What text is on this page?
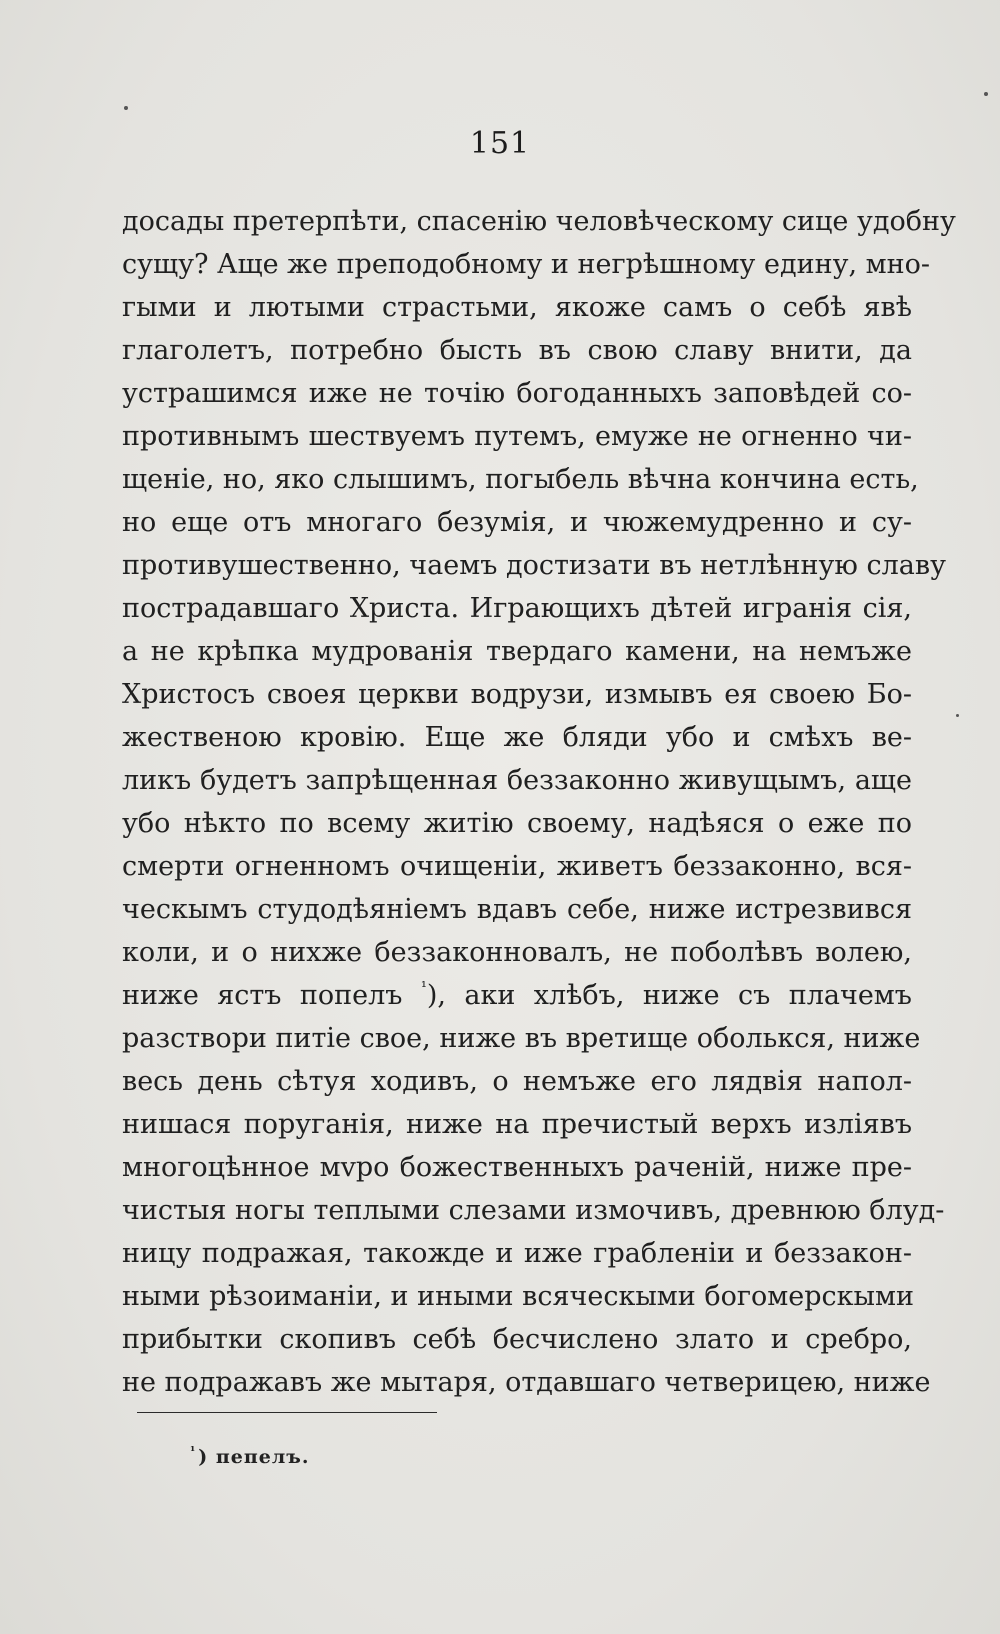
151
досады претерпѣти, спасенію человѣческому сице удобну
сущу? Аще же преподобному и негрѣшному едину, мно-
гыми и лютыми страстьми, якоже самъ о себѣ явѣ
глаголетъ, потребно бысть въ свою славу внити, да
устрашимся иже не точію богоданныхъ заповѣдей со-
противнымъ шествуемъ путемъ, емуже не огненно чи-
щеніе, но, яко слышимъ, погыбель вѣчна кончина есть,
но еще отъ многаго безумія, и чюжемудренно и су-
противушественно, чаемъ достизати въ нетлѣнную славу
пострадавшаго Христа. Играющихъ дѣтей игранія сія,
а не крѣпка мудрованія твердаго камени, на немъже
Христосъ своея церкви водрузи, измывъ ея своею Бо-
жественою кровію. Еще же бляди убо и смѣхъ ве-
ликъ будетъ запрѣщенная беззаконно живущымъ, аще
убо нѣкто по всему житію своему, надѣяся о еже по
смерти огненномъ очищеніи, живетъ беззаконно, вся-
ческымъ студодѣяніемъ вдавъ себе, ниже истрезвився
коли, и о нихже беззаконновалъ, не поболѣвъ волею,
ниже ястъ попелъ $^{^1}$), аки хлѣбъ, ниже съ плачемъ
разствори питіе свое, ниже въ вретище оболькся, ниже
весь день сѣтуя ходивъ, о немъже его лядвія напол-
нишася поруганія, ниже на пречистый верхъ излiявъ
многоцѣнное мvро божественныхъ раченій, ниже пре-
чистыя ногы теплыми слезами измочивъ, древнюю блуд-
ницу подражая, такожде и иже грабленіи и беззакон-
ными рѣзоиманіи, и иными всяческыми богомерскыми
прибытки скопивъ себѣ бесчислено злато и сребро,
не подражавъ же мытаря, отдавшаго четверицею, ниже
$^{^1}$ ) пепелъ.
